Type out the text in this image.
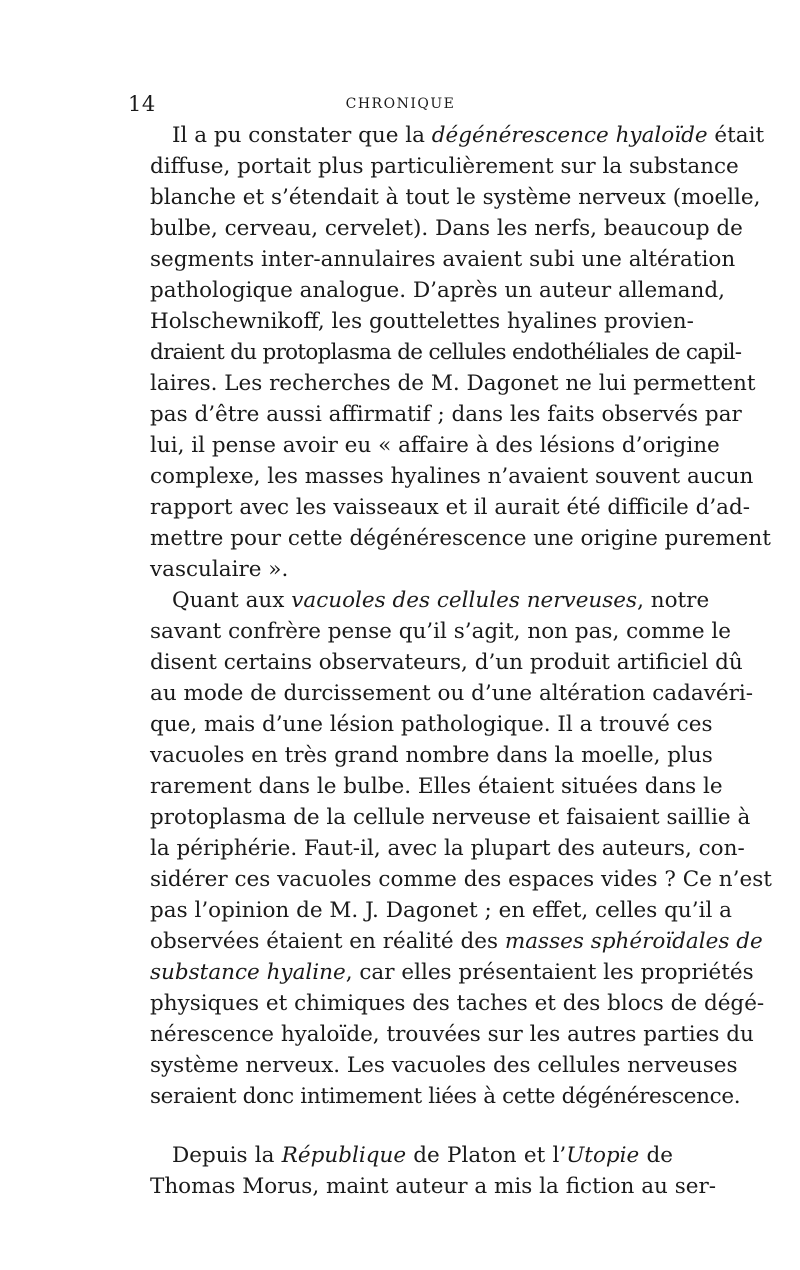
14	CHRONIQUE

Il a pu constater que la dégénérescence hyaloïde était
diffuse, portait plus particulièrement sur la substance
blanche et s’étendait à tout le système nerveux (moelle,
bulbe, cerveau, cervelet). Dans les nerfs, beaucoup de
segments inter-annulaires avaient subi une altération
pathologique analogue. D’après un auteur allemand,
Holschewnikoff, les gouttelettes hyalines provien-
draient du protoplasma de cellules endothéliales de capil-
laires. Les recherches de M. Dagonet ne lui permettent
pas d’être aussi affirmatif ; dans les faits observés par
lui, il pense avoir eu « affaire à des lésions d’origine
complexe, les masses hyalines n’avaient souvent aucun
rapport avec les vaisseaux et il aurait été difficile d’ad-
mettre pour cette dégénérescence une origine purement
vasculaire ».

Quant aux vacuoles des cellules nerveuses, notre
savant confrère pense qu’il s’agit, non pas, comme le
disent certains observateurs, d’un produit artificiel dû
au mode de durcissement ou d’une altération cadavéri-
que, mais d’une lésion pathologique. Il a trouvé ces
vacuoles en très grand nombre dans la moelle, plus
rarement dans le bulbe. Elles étaient situées dans le
protoplasma de la cellule nerveuse et faisaient saillie à
la périphérie. Faut-il, avec la plupart des auteurs, con-
sidérer ces vacuoles comme des espaces vides ? Ce n’est
pas l’opinion de M. J. Dagonet ; en effet, celles qu’il a
observées étaient en réalité des masses sphéroïdales de
substance hyaline, car elles présentaient les propriétés
physiques et chimiques des taches et des blocs de dégé-
nérescence hyaloïde, trouvées sur les autres parties du
système nerveux. Les vacuoles des cellules nerveuses
seraient donc intimement liées à cette dégénérescence.

Depuis la République de Platon et l’Utopie de
Thomas Morus, maint auteur a mis la fiction au ser-
